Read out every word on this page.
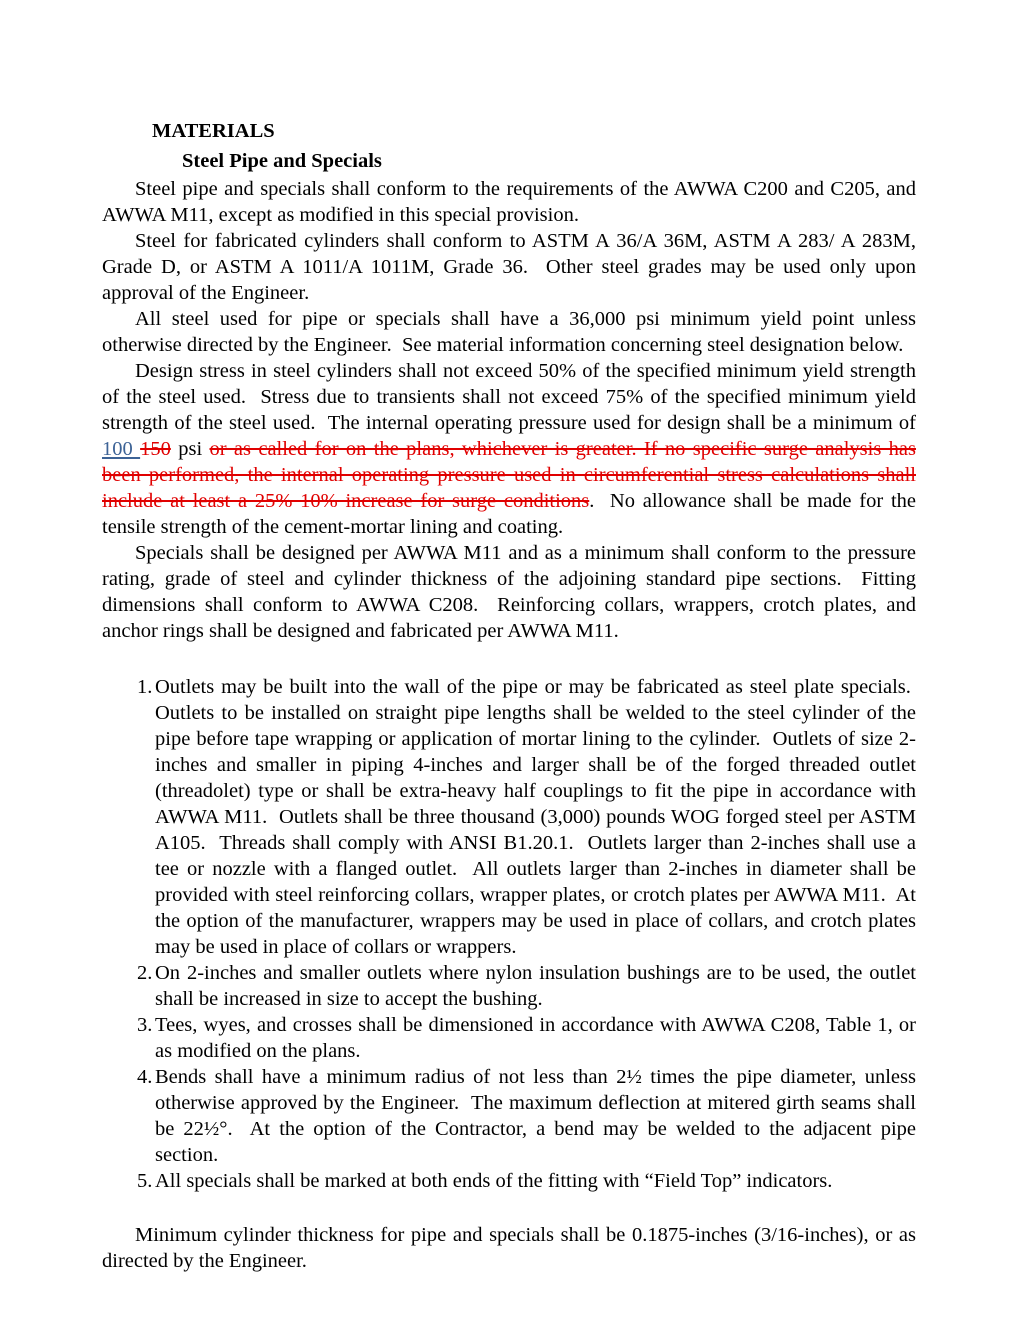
MATERIALS

Steel Pipe and Specials

Steel pipe and specials shall conform to the requirements of the AWWA C200 and C205, and AWWA M11, except as modified in this special provision.

Steel for fabricated cylinders shall conform to ASTM A 36/A 36M, ASTM A 283/ A 283M, Grade D, or ASTM A 1011/A 1011M, Grade 36.  Other steel grades may be used only upon approval of the Engineer.

All steel used for pipe or specials shall have a 36,000 psi minimum yield point unless otherwise directed by the Engineer.  See material information concerning steel designation below.

Design stress in steel cylinders shall not exceed 50% of the specified minimum yield strength of the steel used.  Stress due to transients shall not exceed 75% of the specified minimum yield strength of the steel used.  The internal operating pressure used for design shall be a minimum of 100 150 psi or as called for on the plans, whichever is greater. If no specific surge analysis has been performed, the internal operating pressure used in circumferential stress calculations shall include at least a 25% 10% increase for surge conditions.  No allowance shall be made for the tensile strength of the cement-mortar lining and coating.

Specials shall be designed per AWWA M11 and as a minimum shall conform to the pressure rating, grade of steel and cylinder thickness of the adjoining standard pipe sections.  Fitting dimensions shall conform to AWWA C208.  Reinforcing collars, wrappers, crotch plates, and anchor rings shall be designed and fabricated per AWWA M11.

1. Outlets may be built into the wall of the pipe or may be fabricated as steel plate specials.  Outlets to be installed on straight pipe lengths shall be welded to the steel cylinder of the pipe before tape wrapping or application of mortar lining to the cylinder.  Outlets of size 2-inches and smaller in piping 4-inches and larger shall be of the forged threaded outlet (threadolet) type or shall be extra-heavy half couplings to fit the pipe in accordance with AWWA M11.  Outlets shall be three thousand (3,000) pounds WOG forged steel per ASTM A105.  Threads shall comply with ANSI B1.20.1.  Outlets larger than 2-inches shall use a tee or nozzle with a flanged outlet.  All outlets larger than 2-inches in diameter shall be provided with steel reinforcing collars, wrapper plates, or crotch plates per AWWA M11.  At the option of the manufacturer, wrappers may be used in place of collars, and crotch plates may be used in place of collars or wrappers.
2. On 2-inches and smaller outlets where nylon insulation bushings are to be used, the outlet shall be increased in size to accept the bushing.
3. Tees, wyes, and crosses shall be dimensioned in accordance with AWWA C208, Table 1, or as modified on the plans.
4. Bends shall have a minimum radius of not less than 2½ times the pipe diameter, unless otherwise approved by the Engineer.  The maximum deflection at mitered girth seams shall be 22½°.  At the option of the Contractor, a bend may be welded to the adjacent pipe section.
5. All specials shall be marked at both ends of the fitting with “Field Top” indicators.

Minimum cylinder thickness for pipe and specials shall be 0.1875-inches (3/16-inches), or as directed by the Engineer.
